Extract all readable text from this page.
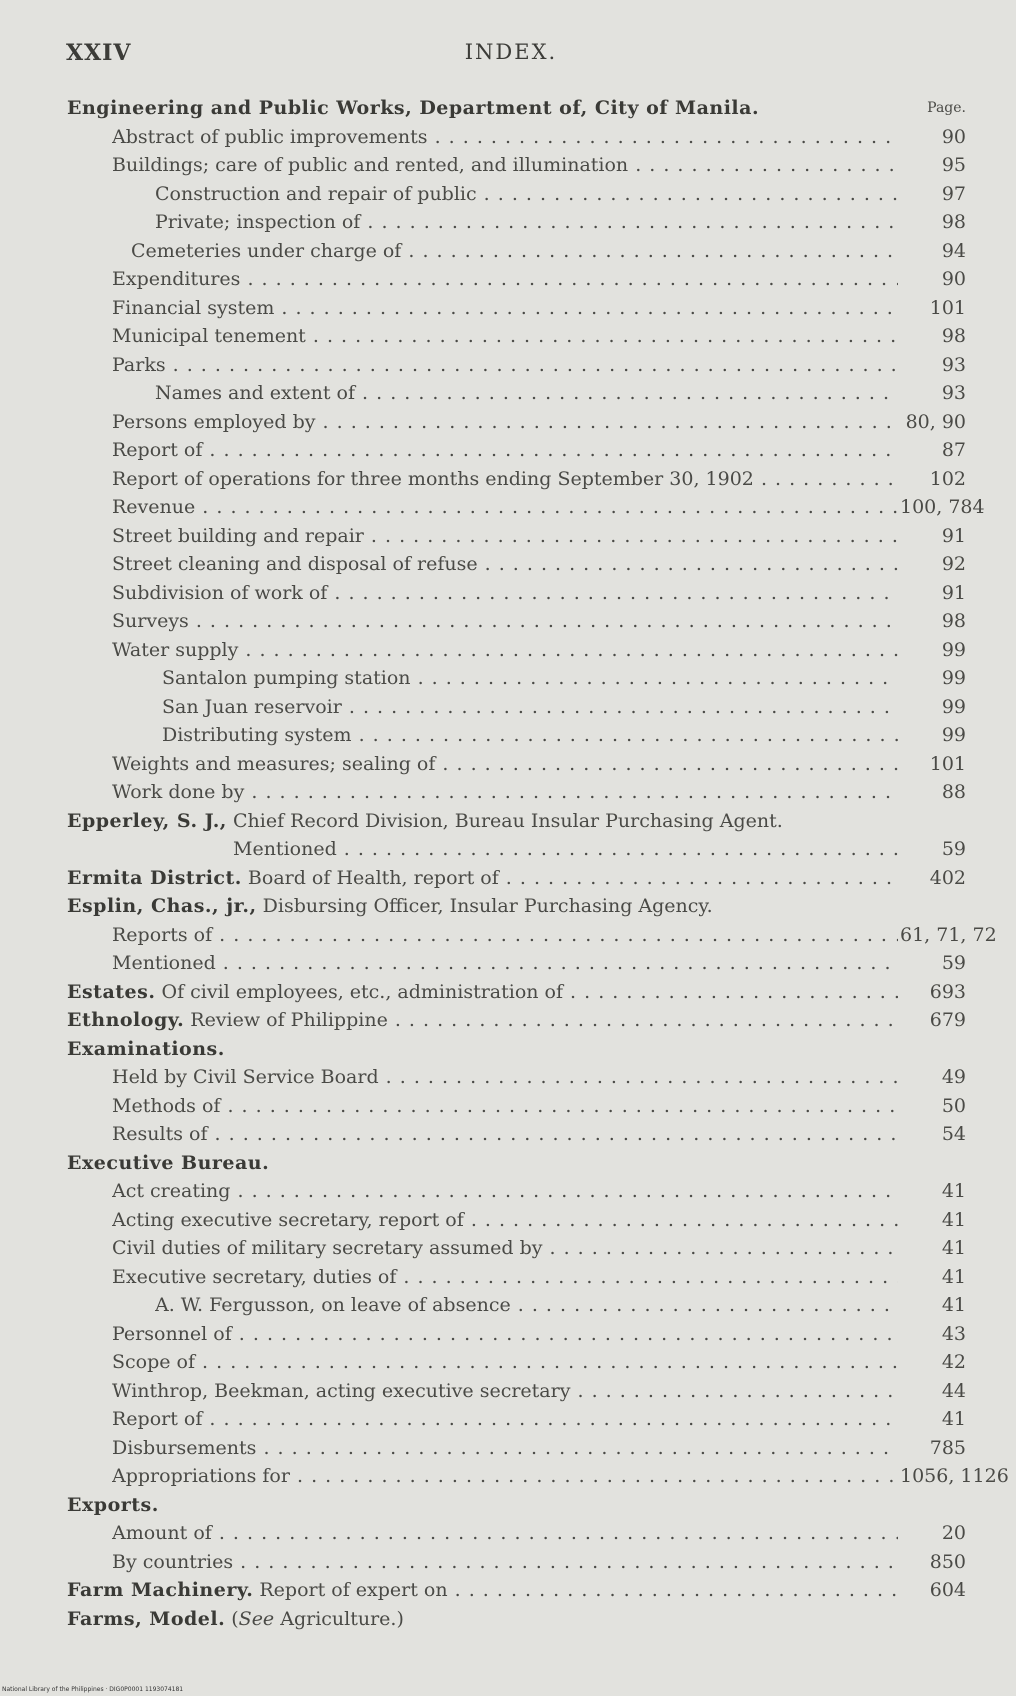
XXIV	INDEX.
Engineering and Public Works, Department of, City of Manila.	Page.
Abstract of public improvements . . .	90
Buildings; care of public and rented, and illumination . . .	95
Construction and repair of public . . .	97
Private; inspection of . . .	98
Cemeteries under charge of . . .	94
Expenditures . . .	90
Financial system . . .	101
Municipal tenement . . .	98
Parks . . .	93
Names and extent of . . .	93
Persons employed by . . .	80, 90
Report of . . .	87
Report of operations for three months ending September 30, 1902 . . .	102
Revenue . . .	100, 784
Street building and repair . . .	91
Street cleaning and disposal of refuse . . .	92
Subdivision of work of . . .	91
Surveys . . .	98
Water supply . . .	99
Santalon pumping station . . .	99
San Juan reservoir . . .	99
Distributing system . . .	99
Weights and measures; sealing of . . .	101
Work done by . . .	88
Epperley, S. J., Chief Record Division, Bureau Insular Purchasing Agent.
Mentioned . . .	59
Ermita District. Board of Health, report of . . .	402
Esplin, Chas., jr., Disbursing Officer, Insular Purchasing Agency.
Reports of . . .	61, 71, 72
Mentioned . . .	59
Estates. Of civil employees, etc., administration of . . .	693
Ethnology. Review of Philippine . . .	679
Examinations.
Held by Civil Service Board . . .	49
Methods of . . .	50
Results of . . .	54
Executive Bureau.
Act creating . . .	41
Acting executive secretary, report of . . .	41
Civil duties of military secretary assumed by . . .	41
Executive secretary, duties of . . .	41
A. W. Fergusson, on leave of absence . . .	41
Personnel of . . .	43
Scope of . . .	42
Winthrop, Beekman, acting executive secretary . . .	44
Report of . . .	41
Disbursements . . .	785
Appropriations for . . .	1056, 1126
Exports.
Amount of . . .	20
By countries . . .	850
Farm Machinery. Report of expert on . . .	604
Farms, Model. (See Agriculture.)
National Library of the Philippines · DIG0P0001 1193074181
